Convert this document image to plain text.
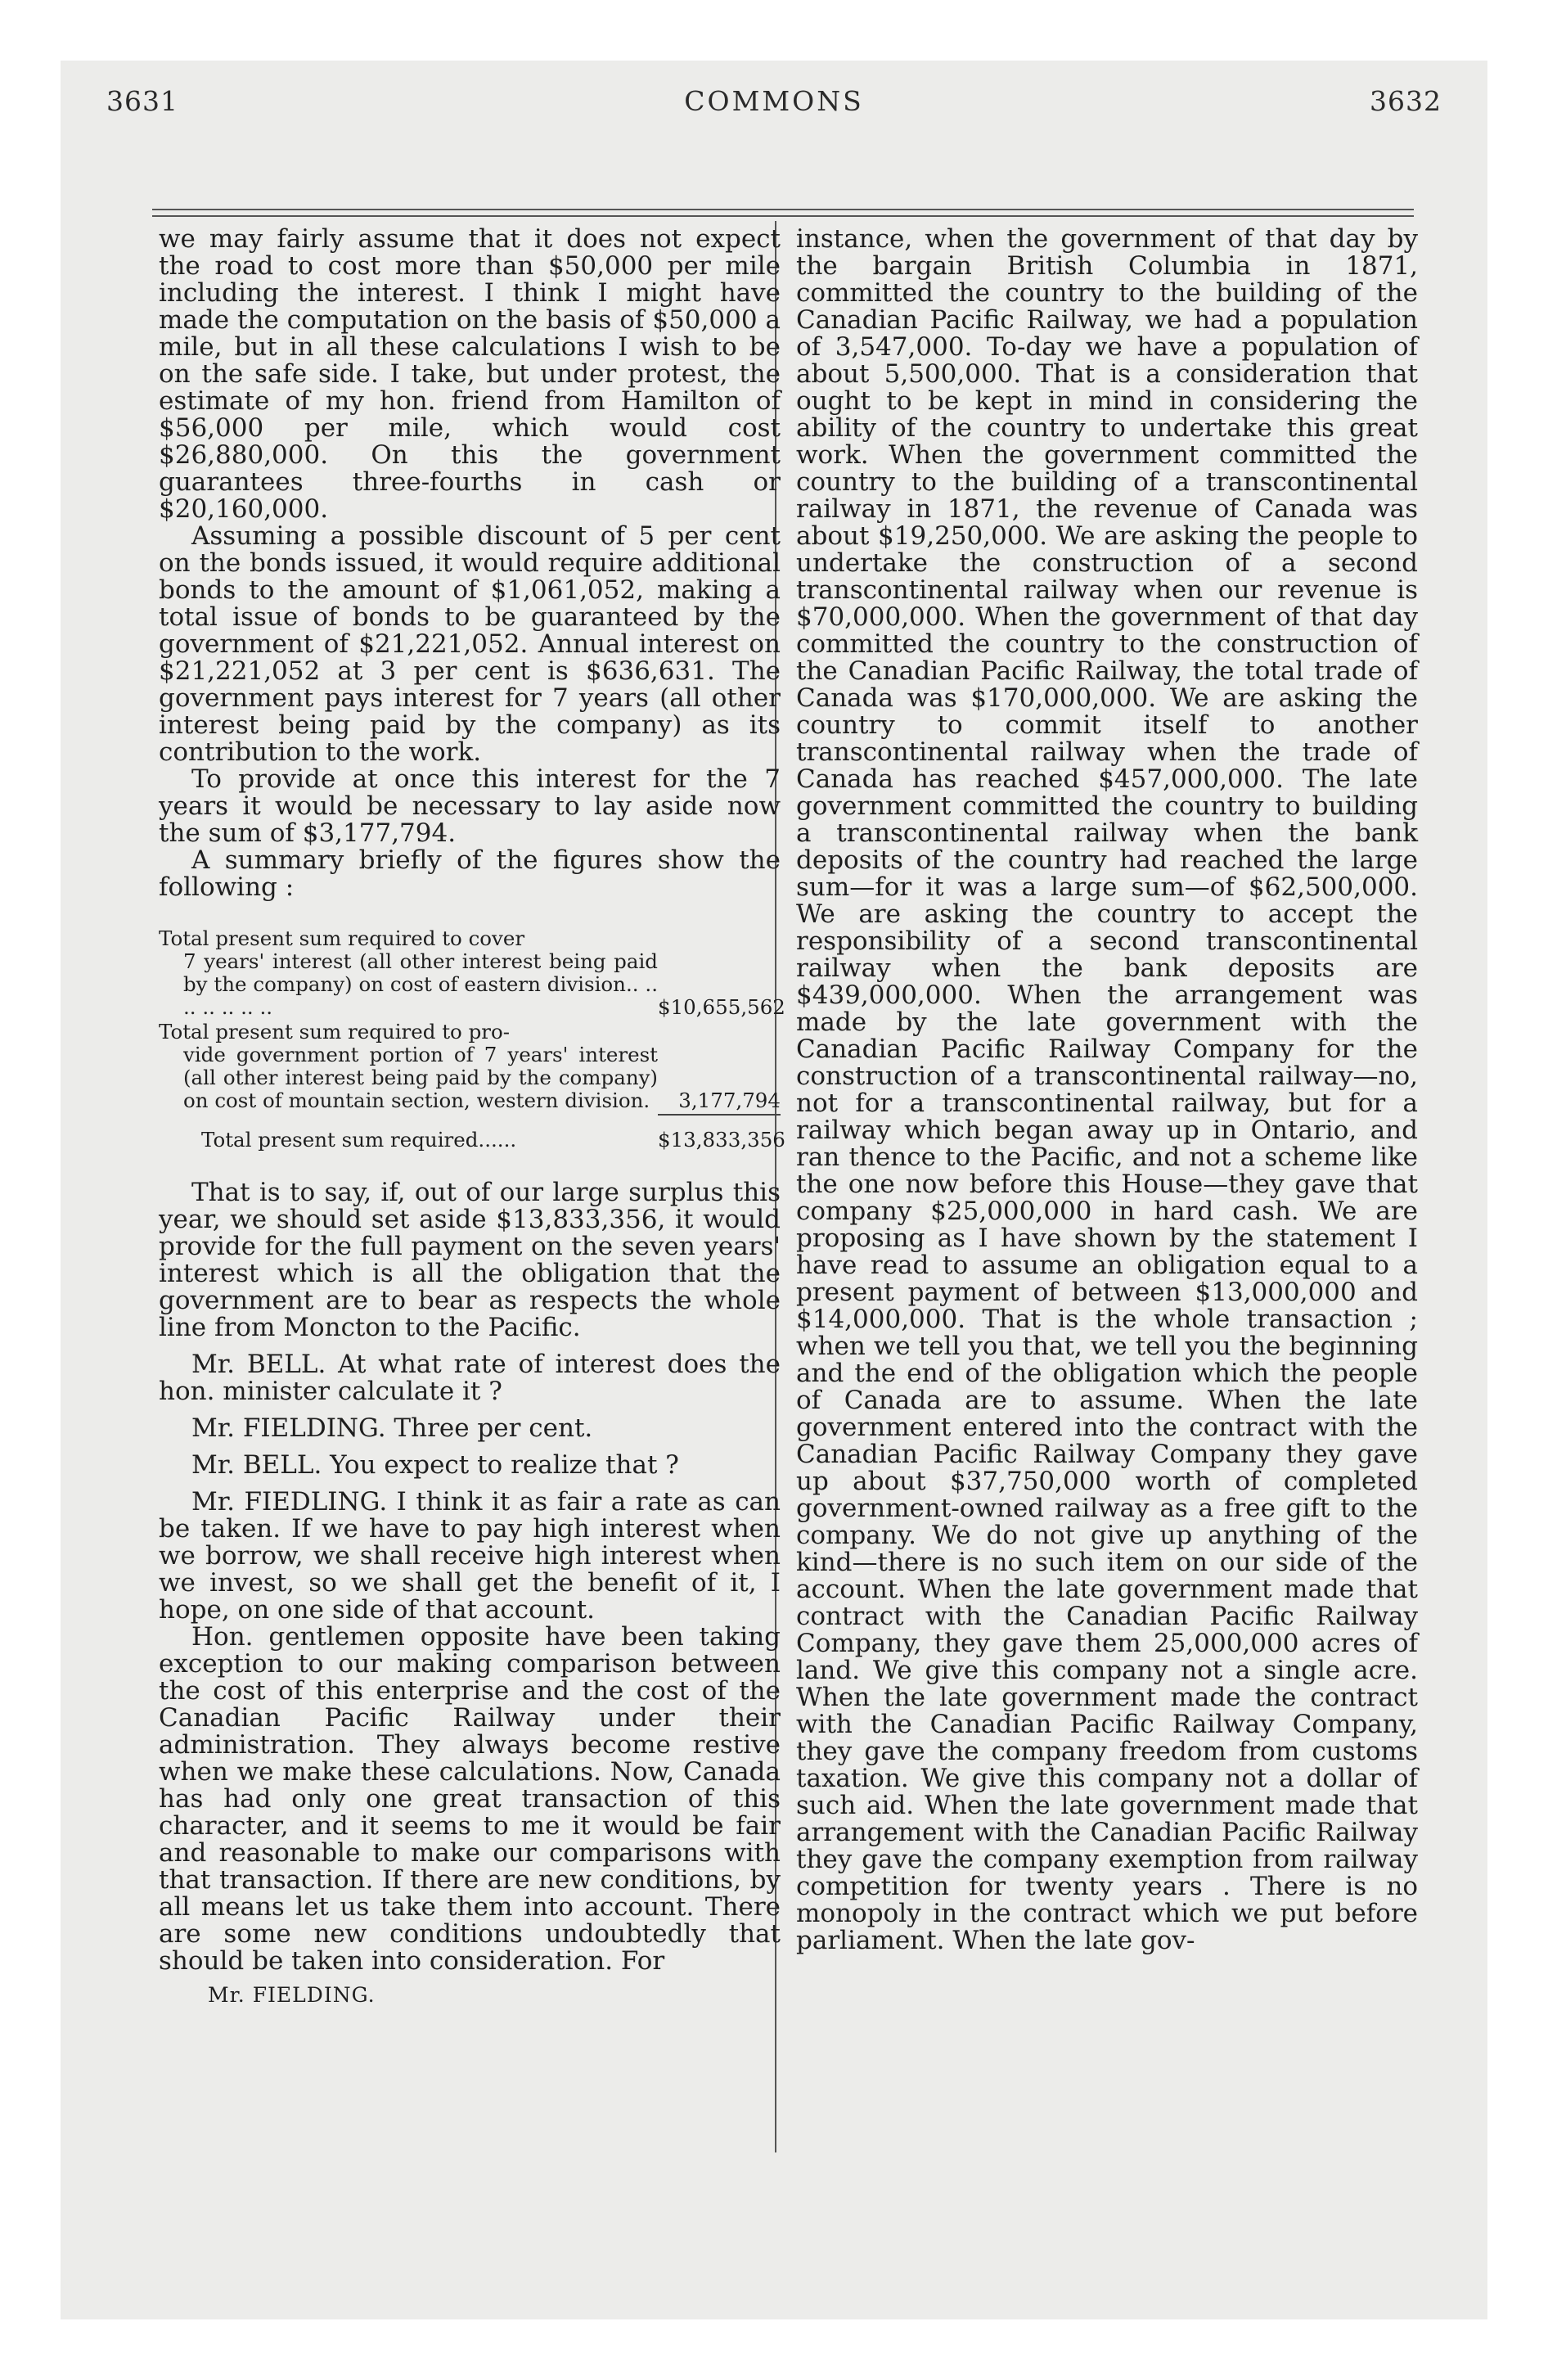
3631	COMMONS	3632

we may fairly assume that it does not expect the road to cost more than $50,000 per mile including the interest. I think I might have made the computation on the basis of $50,000 a mile, but in all these calculations I wish to be on the safe side. I take, but under protest, the estimate of my hon. friend from Hamilton of $56,000 per mile, which would cost $26,880,000. On this the government guarantees three-fourths in cash or $20,160,000.

Assuming a possible discount of 5 per cent on the bonds issued, it would require additional bonds to the amount of $1,061,052, making a total issue of bonds to be guaranteed by the government of $21,221,052. Annual interest on $21,221,052 at 3 per cent is $636,631. The government pays interest for 7 years (all other interest being paid by the company) as its contribution to the work.

To provide at once this interest for the 7 years it would be necessary to lay aside now the sum of $3,177,794.

A summary briefly of the figures show the following :

Total present sum required to cover
7 years' interest (all other interest being paid by the company) on cost of eastern division.. .. .. .. .. .. ..	$10,655,562
Total present sum required to pro-
vide government portion of 7 years' interest (all other interest being paid by the company) on cost of mountain section, western division.	3,177,794
Total present sum required......	$13,833,356

That is to say, if, out of our large surplus this year, we should set aside $13,833,356, it would provide for the full payment on the seven years' interest which is all the obligation that the government are to bear as respects the whole line from Moncton to the Pacific.

Mr. BELL. At what rate of interest does the hon. minister calculate it ?

Mr. FIELDING. Three per cent.

Mr. BELL. You expect to realize that ?

Mr. FIEDLING. I think it as fair a rate as can be taken. If we have to pay high interest when we borrow, we shall receive high interest when we invest, so we shall get the benefit of it, I hope, on one side of that account.

Hon. gentlemen opposite have been taking exception to our making comparison between the cost of this enterprise and the cost of the Canadian Pacific Railway under their administration. They always become restive when we make these calculations. Now, Canada has had only one great transaction of this character, and it seems to me it would be fair and reasonable to make our comparisons with that transaction. If there are new conditions, by all means let us take them into account. There are some new conditions undoubtedly that should be taken into consideration. For

Mr. FIELDING.

instance, when the government of that day by the bargain British Columbia in 1871, committed the country to the building of the Canadian Pacific Railway, we had a population of 3,547,000. To-day we have a population of about 5,500,000. That is a consideration that ought to be kept in mind in considering the ability of the country to undertake this great work. When the government committed the country to the building of a transcontinental railway in 1871, the revenue of Canada was about $19,250,000. We are asking the people to undertake the construction of a second transcontinental railway when our revenue is $70,000,000. When the government of that day committed the country to the construction of the Canadian Pacific Railway, the total trade of Canada was $170,000,000. We are asking the country to commit itself to another transcontinental railway when the trade of Canada has reached $457,000,000. The late government committed the country to building a transcontinental railway when the bank deposits of the country had reached the large sum—for it was a large sum—of $62,500,000. We are asking the country to accept the responsibility of a second transcontinental railway when the bank deposits are $439,000,000. When the arrangement was made by the late government with the Canadian Pacific Railway Company for the construction of a transcontinental railway—no, not for a transcontinental railway, but for a railway which began away up in Ontario, and ran thence to the Pacific, and not a scheme like the one now before this House—they gave that company $25,000,000 in hard cash. We are proposing as I have shown by the statement I have read to assume an obligation equal to a present payment of between $13,000,000 and $14,000,000. That is the whole transaction ; when we tell you that, we tell you the beginning and the end of the obligation which the people of Canada are to assume. When the late government entered into the contract with the Canadian Pacific Railway Company they gave up about $37,750,000 worth of completed government-owned railway as a free gift to the company. We do not give up anything of the kind—there is no such item on our side of the account. When the late government made that contract with the Canadian Pacific Railway Company, they gave them 25,000,000 acres of land. We give this company not a single acre. When the late government made the contract with the Canadian Pacific Railway Company, they gave the company freedom from customs taxation. We give this company not a dollar of such aid. When the late government made that arrangement with the Canadian Pacific Railway they gave the company exemption from railway competition for twenty years . There is no monopoly in the contract which we put before parliament. When the late gov-
